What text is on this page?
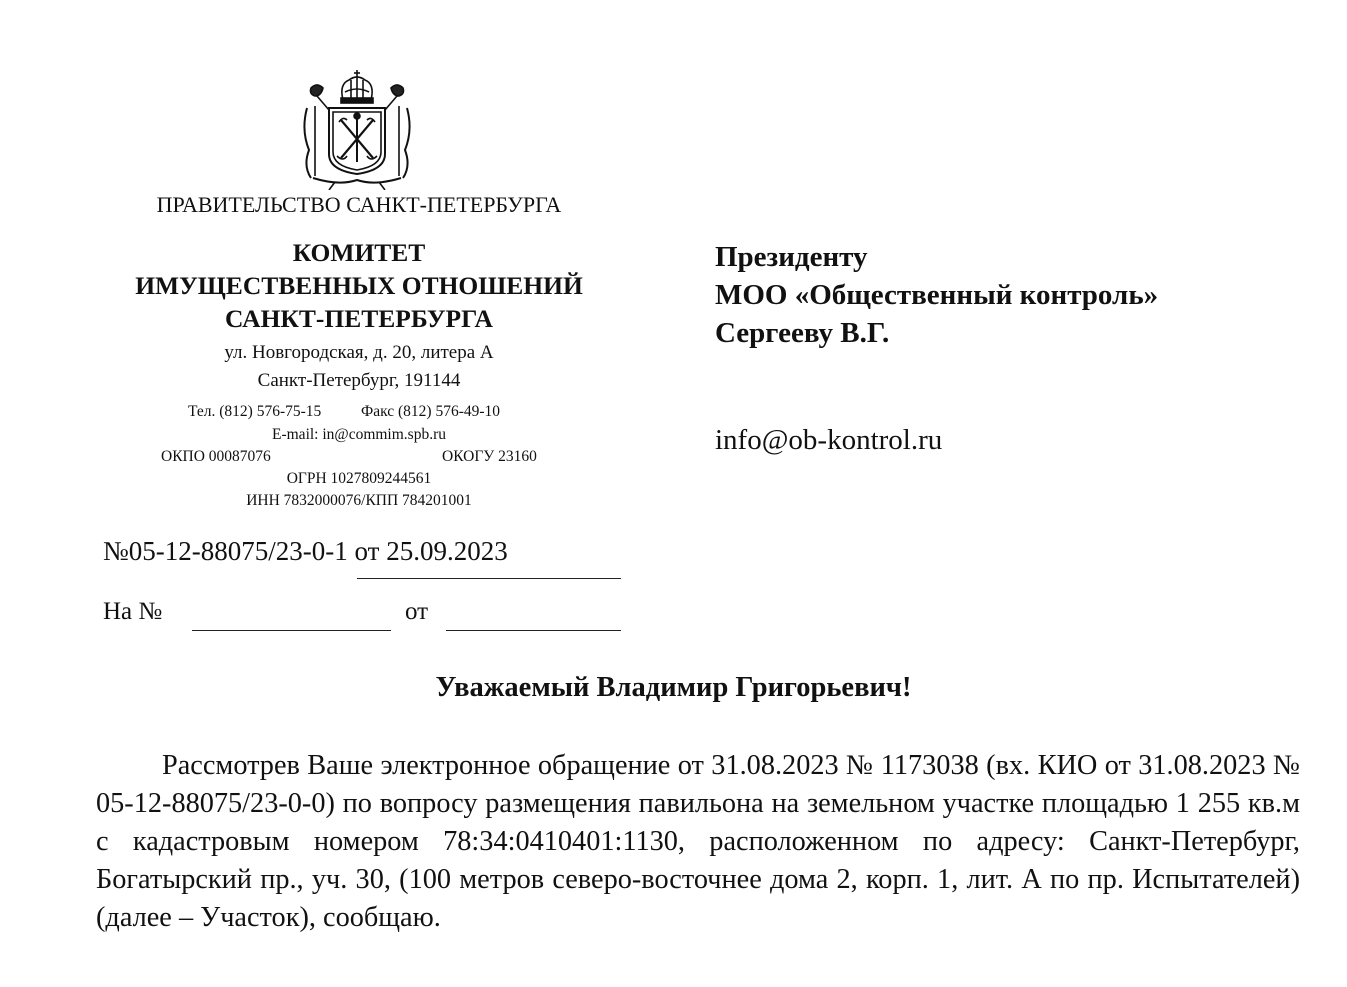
ПРАВИТЕЛЬСТВО САНКТ-ПЕТЕРБУРГА
КОМИТЕТ
ИМУЩЕСТВЕННЫХ ОТНОШЕНИЙ
САНКТ-ПЕТЕРБУРГА
ул. Новгородская, д. 20, литера А
Санкт-Петербург, 191144
Тел. (812) 576-75-15	Факс (812) 576-49-10
E-mail: in@commim.spb.ru
ОКПО 00087076	ОКОГУ 23160
ОГРН 1027809244561
ИНН 7832000076/КПП 784201001
№05-12-88075/23-0-1 от 25.09.2023
На №	от
Президенту
МОО «Общественный контроль»
Сергееву В.Г.
info@ob-kontrol.ru
Уважаемый Владимир Григорьевич!
Рассмотрев Ваше электронное обращение от 31.08.2023 № 1173038 (вх. КИО от 31.08.2023 № 05-12-88075/23-0-0) по вопросу размещения павильона на земельном участке площадью 1 255 кв.м с кадастровым номером 78:34:0410401:1130, расположенном по адресу: Санкт-Петербург, Богатырский пр., уч. 30, (100 метров северо-восточнее дома 2, корп. 1, лит. А по пр. Испытателей) (далее – Участок), сообщаю.
